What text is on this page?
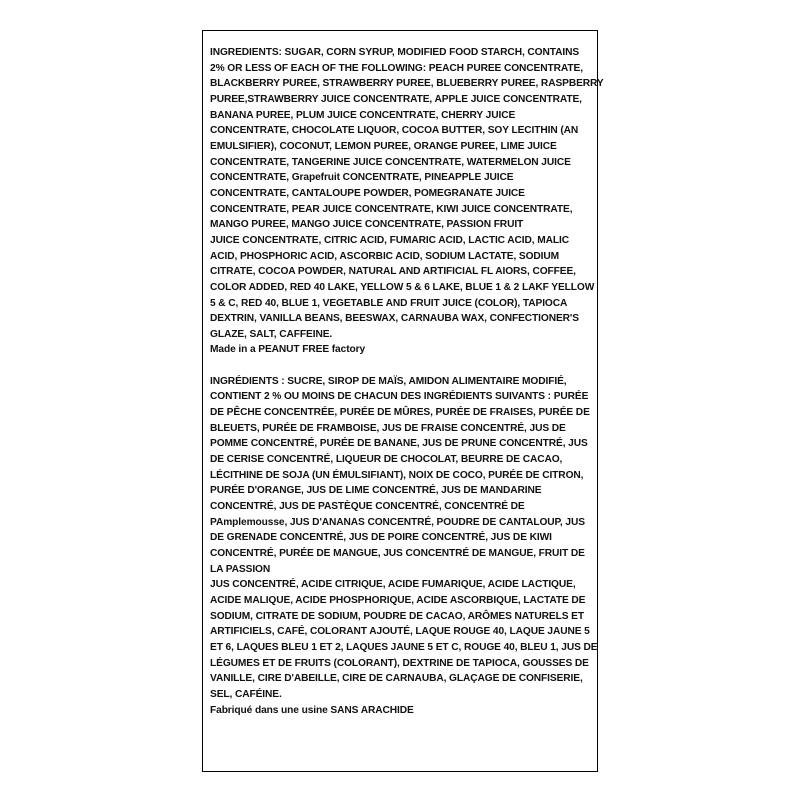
INGREDIENTS: SUGAR, CORN SYRUP, MODIFIED FOOD STARCH, CONTAINS
2% OR LESS OF EACH OF THE FOLLOWING: PEACH PUREE CONCENTRATE,
BLACKBERRY PUREE, STRAWBERRY PUREE, BLUEBERRY PUREE, RASPBERRY
PUREE,STRAWBERRY JUICE CONCENTRATE, APPLE JUICE CONCENTRATE,
BANANA PUREE, PLUM JUICE CONCENTRATE, CHERRY JUICE
CONCENTRATE, CHOCOLATE LIQUOR, COCOA BUTTER, SOY LECITHIN (AN
EMULSIFIER), COCONUT, LEMON PUREE, ORANGE PUREE, LIME JUICE
CONCENTRATE, TANGERINE JUICE CONCENTRATE, WATERMELON JUICE
CONCENTRATE, Grapefruit CONCENTRATE, PINEAPPLE JUICE
CONCENTRATE, CANTALOUPE POWDER, POMEGRANATE JUICE
CONCENTRATE, PEAR JUICE CONCENTRATE, KIWI JUICE CONCENTRATE,
MANGO PUREE, MANGO JUICE CONCENTRATE, PASSION FRUIT
JUICE CONCENTRATE, CITRIC ACID, FUMARIC ACID, LACTIC ACID, MALIC
ACID, PHOSPHORIC ACID, ASCORBIC ACID, SODIUM LACTATE, SODIUM
CITRATE, COCOA POWDER, NATURAL AND ARTIFICIAL FL AIORS, COFFEE,
COLOR ADDED, RED 40 LAKE, YELLOW 5 & 6 LAKE, BLUE 1 & 2 LAKF YELLOW
5 & C, RED 40, BLUE 1, VEGETABLE AND FRUIT JUICE (COLOR), TAPIOCA
DEXTRIN, VANILLA BEANS, BEESWAX, CARNAUBA WAX, CONFECTIONER'S
GLAZE, SALT, CAFFEINE.
Made in a PEANUT FREE factory
INGRÉDIENTS : SUCRE, SIROP DE MAÏS, AMIDON ALIMENTAIRE MODIFIÉ,
CONTIENT 2 % OU MOINS DE CHACUN DES INGRÉDIENTS SUIVANTS : PURÉE
DE PÊCHE CONCENTRÉE, PURÉE DE MÛRES, PURÉE DE FRAISES, PURÉE DE
BLEUETS, PURÉE DE FRAMBOISE, JUS DE FRAISE CONCENTRÉ, JUS DE
POMME CONCENTRÉ, PURÉE DE BANANE, JUS DE PRUNE CONCENTRÉ, JUS
DE CERISE CONCENTRÉ, LIQUEUR DE CHOCOLAT, BEURRE DE CACAO,
LÉCITHINE DE SOJA (UN ÉMULSIFIANT), NOIX DE COCO, PURÉE DE CITRON,
PURÉE D'ORANGE, JUS DE LIME CONCENTRÉ, JUS DE MANDARINE
CONCENTRÉ, JUS DE PASTÈQUE CONCENTRÉ, CONCENTRÉ DE
PAmplemousse, JUS D'ANANAS CONCENTRÉ, POUDRE DE CANTALOUP, JUS
DE GRENADE CONCENTRÉ, JUS DE POIRE CONCENTRÉ, JUS DE KIWI
CONCENTRÉ, PURÉE DE MANGUE, JUS CONCENTRÉ DE MANGUE, FRUIT DE
LA PASSION
JUS CONCENTRÉ, ACIDE CITRIQUE, ACIDE FUMARIQUE, ACIDE LACTIQUE,
ACIDE MALIQUE, ACIDE PHOSPHORIQUE, ACIDE ASCORBIQUE, LACTATE DE
SODIUM, CITRATE DE SODIUM, POUDRE DE CACAO, ARÔMES NATURELS ET
ARTIFICIELS, CAFÉ, COLORANT AJOUTÉ, LAQUE ROUGE 40, LAQUE JAUNE 5
ET 6, LAQUES BLEU 1 ET 2, LAQUES JAUNE 5 ET C, ROUGE 40, BLEU 1, JUS DE
LÉGUMES ET DE FRUITS (COLORANT), DEXTRINE DE TAPIOCA, GOUSSES DE
VANILLE, CIRE D'ABEILLE, CIRE DE CARNAUBA, GLAÇAGE DE CONFISERIE,
SEL, CAFÉINE.
Fabriqué dans une usine SANS ARACHIDE
